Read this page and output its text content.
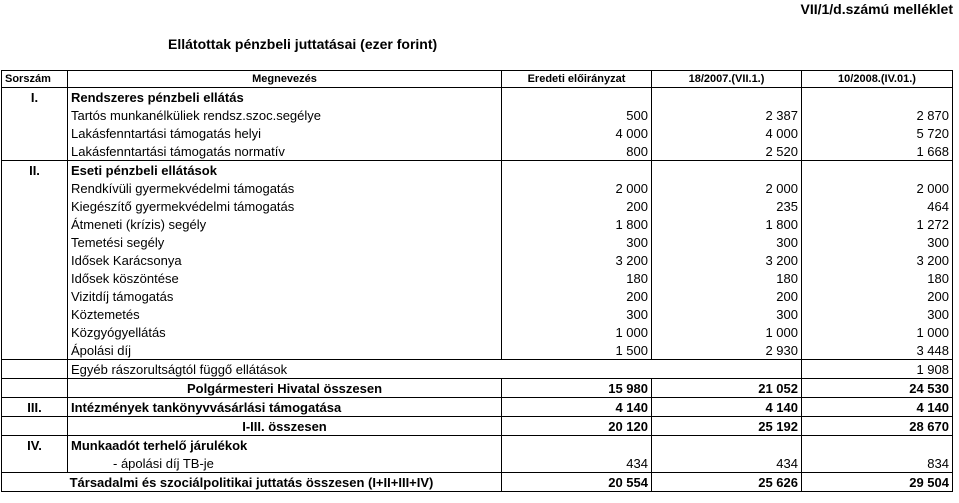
VII/1/d.számú melléklet
Ellátottak pénzbeli juttatásai (ezer forint)
Sorszám	Megnevezés	Eredeti előirányzat	18/2007.(VII.1.)	10/2008.(IV.01.)
I.	Rendszeres pénzbeli ellátás			
	Tartós munkanélküliek rendsz.szoc.segélye	500	2 387	2 870
	Lakásfenntartási támogatás helyi	4 000	4 000	5 720
	Lakásfenntartási támogatás normatív	800	2 520	1 668
II.	Eseti pénzbeli ellátások			
	Rendkívüli gyermekvédelmi támogatás	2 000	2 000	2 000
	Kiegészítő gyermekvédelmi támogatás	200	235	464
	Átmeneti (krízis) segély	1 800	1 800	1 272
	Temetési segély	300	300	300
	Idősek Karácsonya	3 200	3 200	3 200
	Idősek köszöntése	180	180	180
	Vizitdíj támogatás	200	200	200
	Köztemetés	300	300	300
	Közgyógyellátás	1 000	1 000	1 000
	Ápolási díj	1 500	2 930	3 448
	Egyéb rászorultságtól függő ellátások			1 908
	Polgármesteri Hivatal összesen	15 980	21 052	24 530
III.	Intézmények tankönyvvásárlási támogatása	4 140	4 140	4 140
	I-III. összesen	20 120	25 192	28 670
IV.	Munkaadót terhelő járulékok			
	- ápolási díj TB-je	434	434	834
Társadalmi és szociálpolitikai juttatás összesen (I+II+III+IV)		20 554	25 626	29 504
